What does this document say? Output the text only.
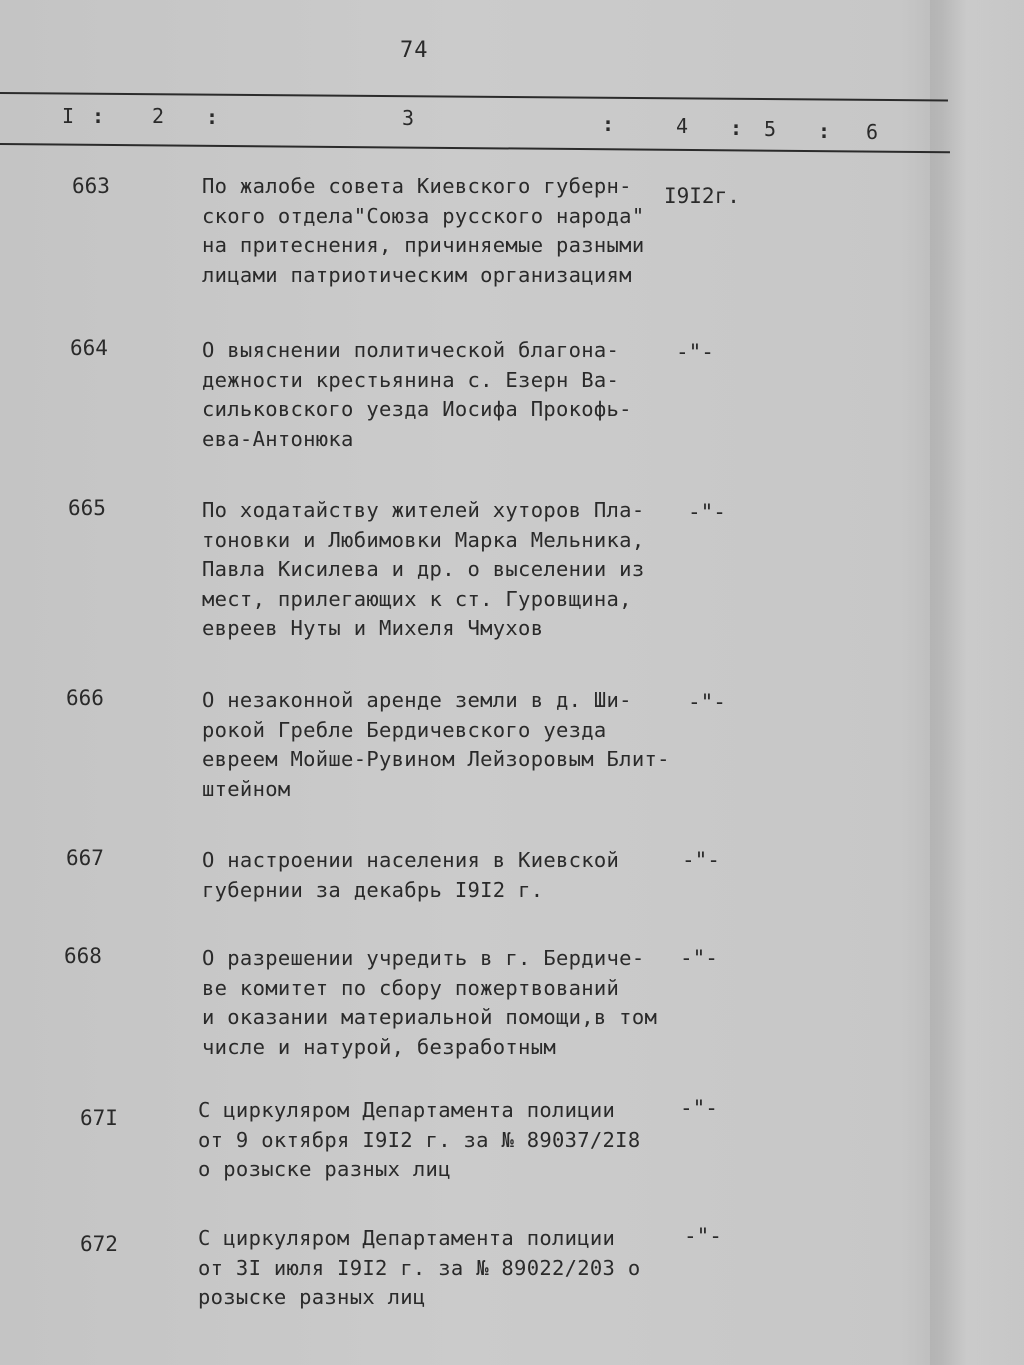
74
I : 2 :	3	:	4 : 5 : 6
663	По жалобе совета Киевского губерн-
ского отдела"Союза русского народа"
на притеснения, причиняемые разными
лицами патриотическим организациям
I9I2г.
664	О выяснении политической благона-
дежности крестьянина с. Езерн Ва-
сильковского уезда Иосифа Прокофь-
ева-Антонюка
-"-
665	По ходатайству жителей хуторов Пла-
тоновки и Любимовки Марка Мельника,
Павла Кисилева и др. о выселении из
мест, прилегающих к ст. Гуровщина,
евреев Нуты и Михеля Чмухов
-"-
666	О незаконной аренде земли в д. Ши-
рокой Гребле Бердичевского уезда
евреем Мойше-Рувином Лейзоровым Блит-
штейном
-"-
667	О настроении населения в Киевской
губернии за декабрь I9I2 г.
-"-
668	О разрешении учредить в г. Бердиче-
ве комитет по сбору пожертвований
и оказании материальной помощи,в том
числе и натурой, безработным
-"-
67I	С циркуляром Департамента полиции
от 9 октября I9I2 г. за № 89037/2I8
о розыске разных лиц
-"-
672	С циркуляром Департамента полиции
от 3I июля I9I2 г. за № 89022/203 о
розыске разных лиц
-"-
